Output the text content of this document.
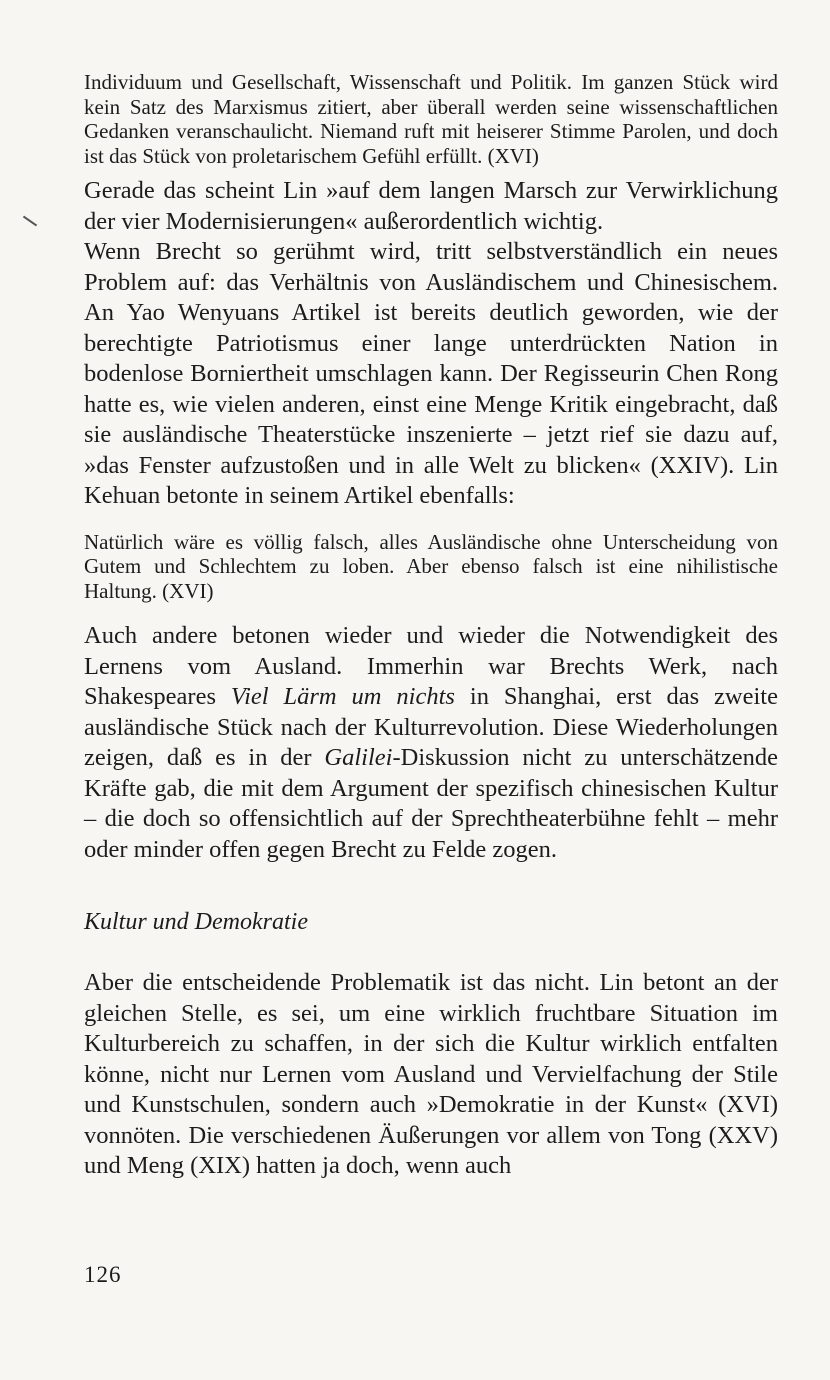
Individuum und Gesellschaft, Wissenschaft und Politik. Im ganzen Stück wird kein Satz des Marxismus zitiert, aber überall werden seine wissenschaftlichen Gedanken veranschaulicht. Niemand ruft mit heiserer Stimme Parolen, und doch ist das Stück von proletarischem Gefühl erfüllt. (XVI)

Gerade das scheint Lin »auf dem langen Marsch zur Verwirklichung der vier Modernisierungen« außerordentlich wichtig.

Wenn Brecht so gerühmt wird, tritt selbstverständlich ein neues Problem auf: das Verhältnis von Ausländischem und Chinesischem. An Yao Wenyuans Artikel ist bereits deutlich geworden, wie der berechtigte Patriotismus einer lange unterdrückten Nation in bodenlose Borniertheit umschlagen kann. Der Regisseurin Chen Rong hatte es, wie vielen anderen, einst eine Menge Kritik eingebracht, daß sie ausländische Theaterstücke inszenierte – jetzt rief sie dazu auf, »das Fenster aufzustoßen und in alle Welt zu blicken« (XXIV). Lin Kehuan betonte in seinem Artikel ebenfalls:

Natürlich wäre es völlig falsch, alles Ausländische ohne Unterscheidung von Gutem und Schlechtem zu loben. Aber ebenso falsch ist eine nihilistische Haltung. (XVI)

Auch andere betonen wieder und wieder die Notwendigkeit des Lernens vom Ausland. Immerhin war Brechts Werk, nach Shakespeares Viel Lärm um nichts in Shanghai, erst das zweite ausländische Stück nach der Kulturrevolution. Diese Wiederholungen zeigen, daß es in der Galilei-Diskussion nicht zu unterschätzende Kräfte gab, die mit dem Argument der spezifisch chinesischen Kultur – die doch so offensichtlich auf der Sprechtheaterbühne fehlt – mehr oder minder offen gegen Brecht zu Felde zogen.

Kultur und Demokratie

Aber die entscheidende Problematik ist das nicht. Lin betont an der gleichen Stelle, es sei, um eine wirklich fruchtbare Situation im Kulturbereich zu schaffen, in der sich die Kultur wirklich entfalten könne, nicht nur Lernen vom Ausland und Vervielfachung der Stile und Kunstschulen, sondern auch »Demokratie in der Kunst« (XVI) vonnöten. Die verschiedenen Äußerungen vor allem von Tong (XXV) und Meng (XIX) hatten ja doch, wenn auch

126
